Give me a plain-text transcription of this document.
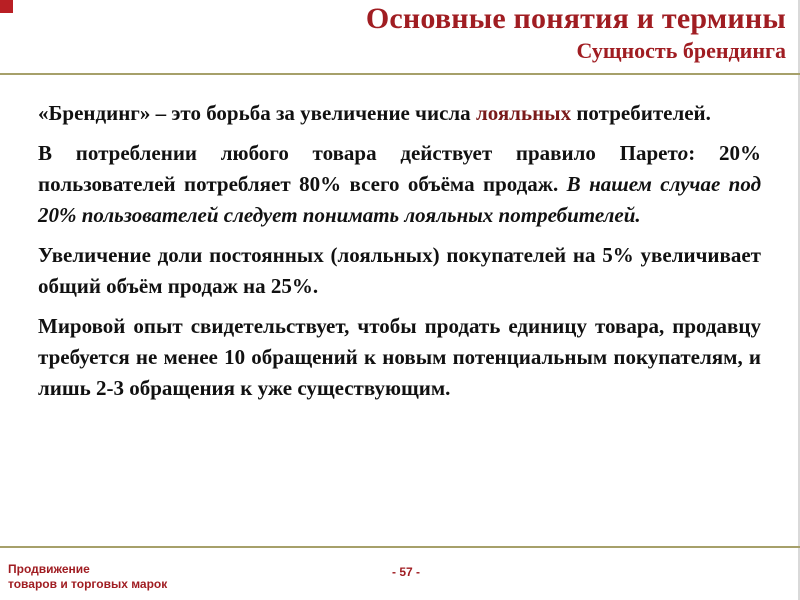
Основные понятия и термины
Сущность брендинга

«Брендинг» – это борьба за увеличение числа лояльных потребителей.

В потреблении любого товара действует правило Парето: 20% пользователей потребляет 80% всего объёма продаж. В нашем случае под 20% пользователей следует понимать лояльных потребителей.

Увеличение доли постоянных (лояльных) покупателей на 5% увеличивает общий объём продаж на 25%.

Мировой опыт свидетельствует, чтобы продать единицу товара, продавцу требуется не менее 10 обращений к новым потенциальным покупателям, и лишь 2-3 обращения к уже существующим.

Продвижение
товаров и торговых марок
- 57 -
